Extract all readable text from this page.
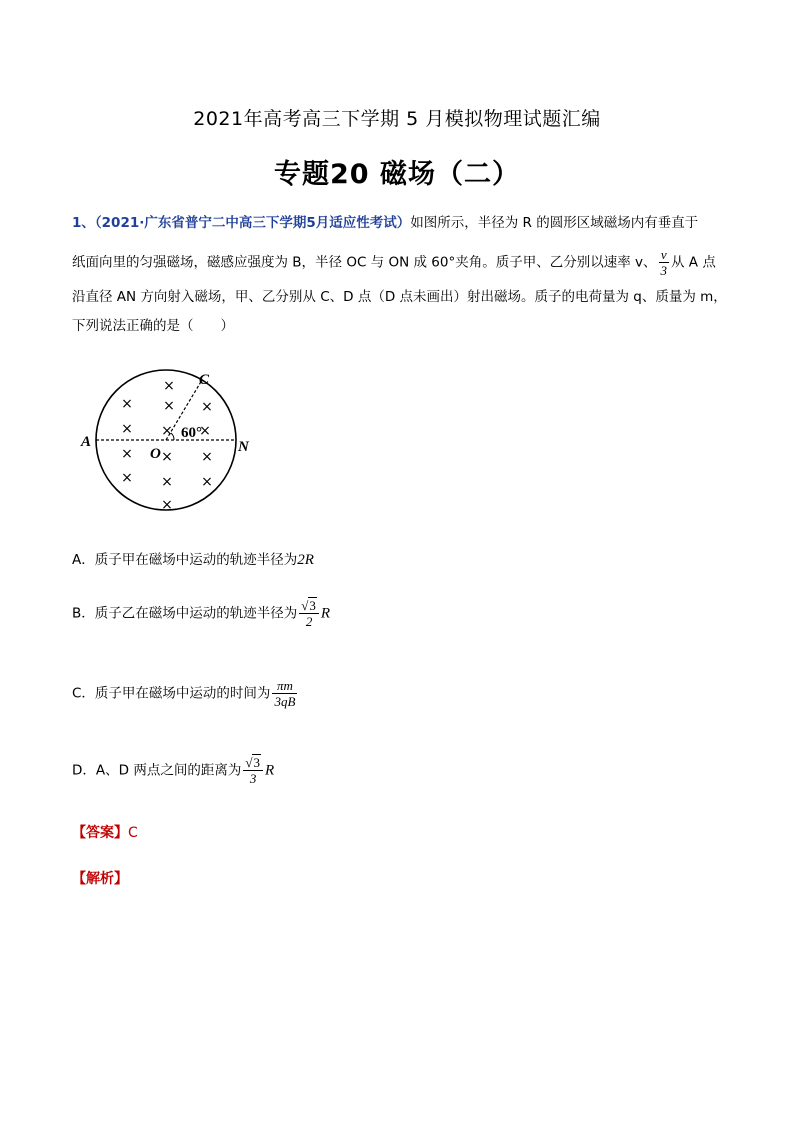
2021年高考高三下学期 5 月模拟物理试题汇编
专题20 磁场（二）
1、（2021·广东省普宁二中高三下学期5月适应性考试）如图所示，半径为 R 的圆形区域磁场内有垂直于
纸面向里的匀强磁场，磁感应强度为 B，半径 OC 与 ON 成 60°夹角。质子甲、乙分别以速率 v、 $\frac{v}{3}$ 从 A 点
沿直径 AN 方向射入磁场，甲、乙分别从 C、D 点（D 点未画出）射出磁场。质子的电荷量为 q、质量为 m，
下列说法正确的是（　　）
×
× × ×
× × ×
× × ×
× × ×
×
A	N
O
C
60°
A．质子甲在磁场中运动的轨迹半径为2R
B．质子乙在磁场中运动的轨迹半径为 $\frac{√3}{2}$ R
C．质子甲在磁场中运动的时间为 $\frac{\pi m}{3qB}$
D．A、D 两点之间的距离为 $\frac{√3}{3}$ R
【答案】C
【解析】
